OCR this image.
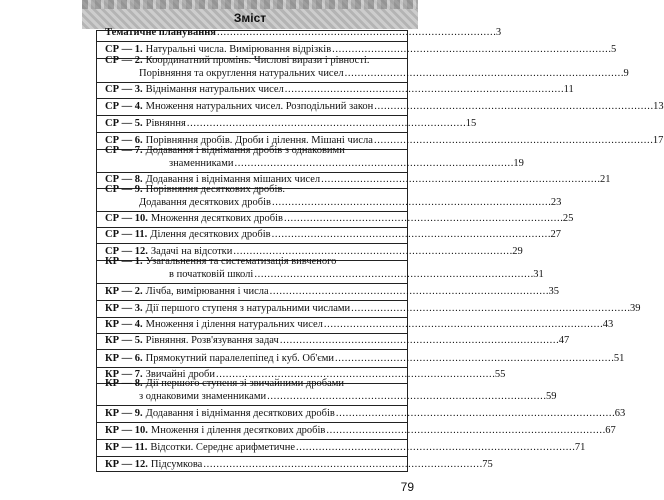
Зміст
Тематичне планування . . .	3
СР — 1. Натуральні числа. Вимірювання відрізків . . .	5
СР — 2. Координатний промінь. Числові вирази і рівності.
Порівняння та округлення натуральних чисел . . .	9
СР — 3. Віднімання натуральних чисел . . .	11
СР — 4. Множення натуральних чисел. Розподільний закон . . .	13
СР — 5. Рівняння . . .	15
СР — 6. Порівняння дробів. Дроби і ділення. Мішані числа . . .	17
СР — 7. Додавання і віднімання дробів з однаковими
знаменниками . . .	19
СР — 8. Додавання і віднімання мішаних чисел . . .	21
СР — 9. Порівняння десяткових дробів.
Додавання десяткових дробів . . .	23
СР — 10. Множення десяткових дробів . . .	25
СР — 11. Ділення десяткових дробів . . .	27
СР — 12. Задачі на відсотки . . .	29
КР — 1. Узагальнення та систематизація вивченого
в початковій школі . . .	31
КР — 2. Лічба, вимірювання і числа . . .	35
КР — 3. Дії першого ступеня з натуральними числами . . .	39
КР — 4. Множення і ділення натуральних чисел . . .	43
КР — 5. Рівняння. Розв'язування задач . . .	47
КР — 6. Прямокутний паралелепіпед і куб. Об'єми . . .	51
КР — 7. Звичайні дроби . . .	55
КР — 8. Дії першого ступеня зі звичайними дробами
з однаковими знаменниками . . .	59
КР — 9. Додавання і віднімання десяткових дробів . . .	63
КР — 10. Множення і ділення десяткових дробів . . .	67
КР — 11. Відсотки. Середнє арифметичне . . .	71
КР — 12. Підсумкова . . .	75
79
